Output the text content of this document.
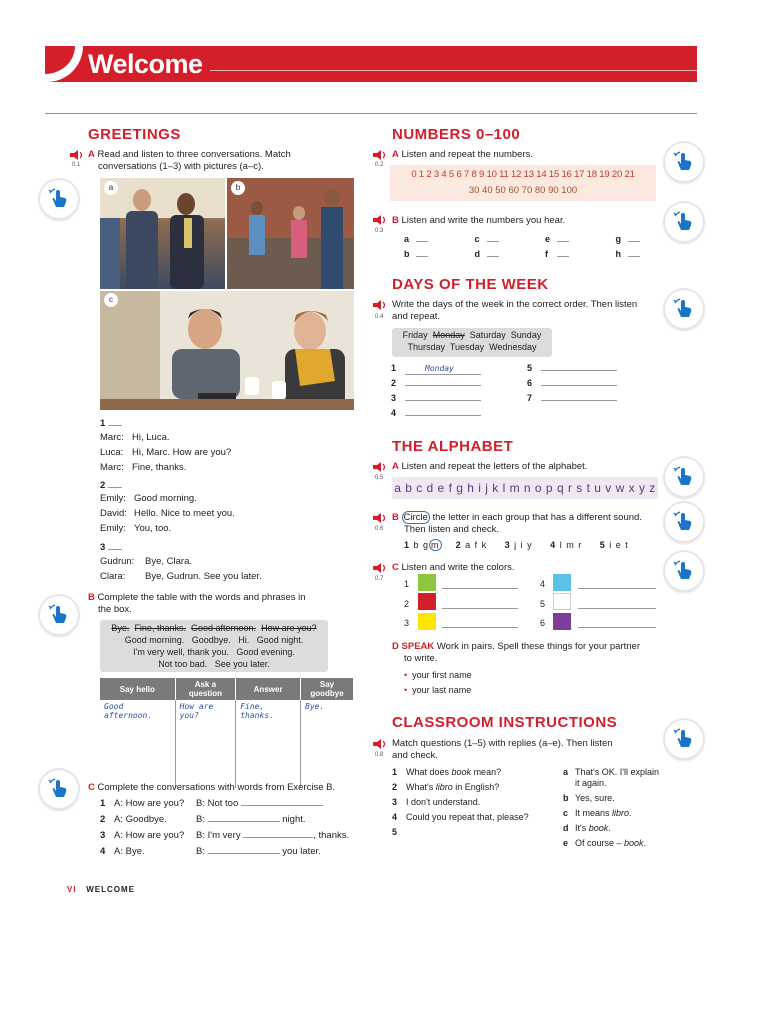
Welcome
GREETINGS
0.1
A Read and listen to three conversations. Match
conversations (1–3) with pictures (a–c).
a	b
c
1
Marc: Hi, Luca.
Luca: Hi, Marc. How are you?
Marc: Fine, thanks.
2
Emily: Good morning.
David: Hello. Nice to meet you.
Emily: You, too.
3
Gudrun: Bye, Clara.
Clara: Bye, Gudrun. See you later.
B Complete the table with the words and phrases in
the box.
Bye. Fine, thanks. Good afternoon. How are you?
Good morning.   Goodbye.   Hi.   Good night.
I'm very well, thank you.   Good evening.
Not too bad.   See you later.
Say hello	Ask a question	Answer	Say goodbye
Good afternoon.	How are you?	Fine, thanks.	Bye.
C Complete the conversations with words from Exercise B.
1 A: How are you? B: Not too	.
2 A: Goodbye.	B:	night.
3 A: How are you? B: I'm very	, thanks.
4 A: Bye.	B:	you later.
VI WELCOME
NUMBERS 0–100
0.2
A Listen and repeat the numbers.
0 1 2 3 4 5 6 7 8 9 10 11 12 13 14 15 16 17 18 19 20 21
30 40 50 60 70 80 90 100
0.3
B Listen and write the numbers you hear.
a	c	e	g
b	d	f	h
DAYS OF THE WEEK
0.4
Write the days of the week in the correct order. Then listen
and repeat.
Friday Monday Saturday Sunday
Thursday Tuesday Wednesday
1	Monday	5
2	6
3	7
4
THE ALPHABET
0.5
A Listen and repeat the letters of the alphabet.
a b c d e f g h i j k l m n o p q r s t u v w x y z
0.6
B Circle the letter in each group that has a different sound.
Then listen and check.
1 b g m 2 a f k 3 j i y 4 l m r 5 i e t
0.7
C Listen and write the colors.
1
2
3
4
5
6
D SPEAK Work in pairs. Spell these things for your partner
to write.
• your first name
• your last name
CLASSROOM INSTRUCTIONS
0.8
Match questions (1–5) with replies (a–e). Then listen
and check.
1 What does book mean?
2 What's libro in English?
3 I don't understand.
4 Could you repeat that, please?
5
a That's OK. I'll explain
it again.
b Yes, sure.
c It means libro.
d It's book.
e Of course – book.
